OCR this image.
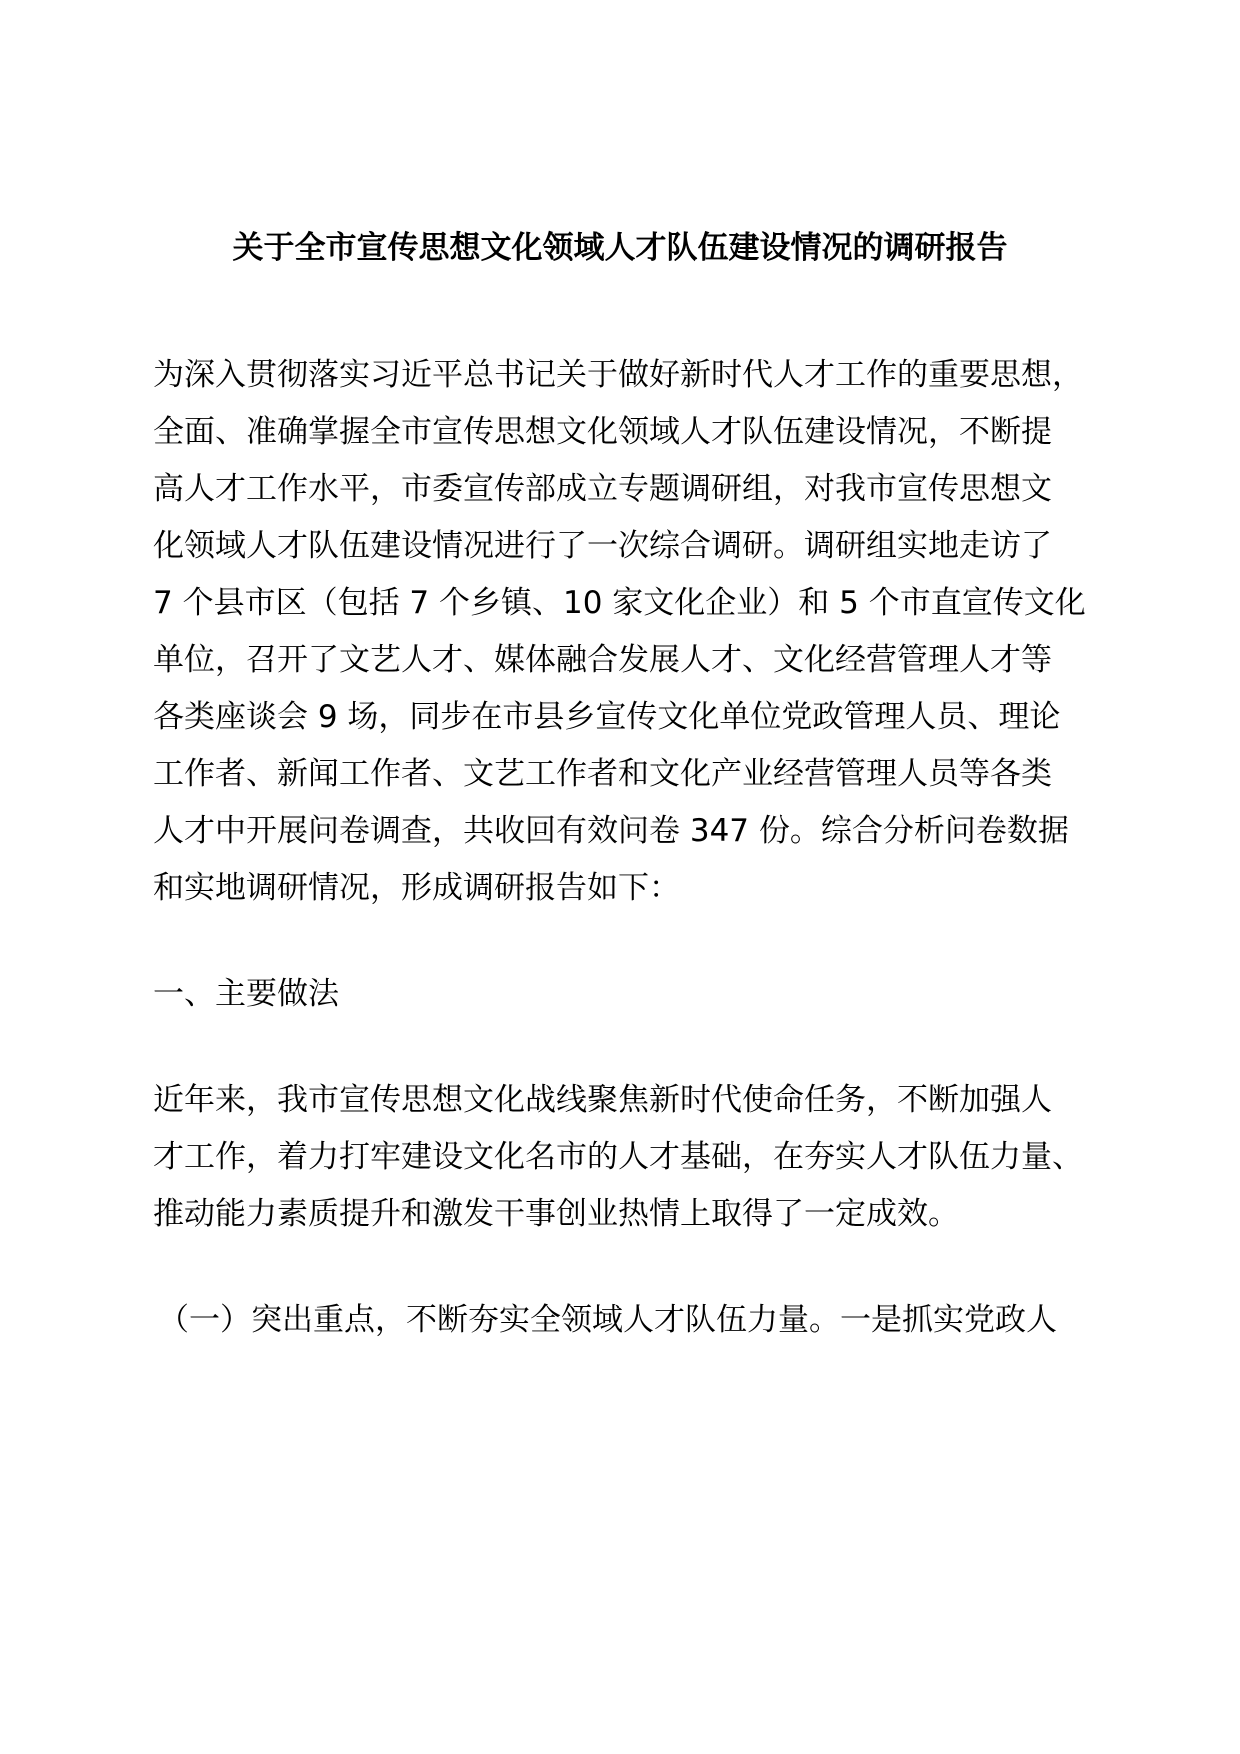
关于全市宣传思想文化领域人才队伍建设情况的调研报告

为深入贯彻落实习近平总书记关于做好新时代人才工作的重要思想，

全面、准确掌握全市宣传思想文化领域人才队伍建设情况，不断提

高人才工作水平，市委宣传部成立专题调研组，对我市宣传思想文

化领域人才队伍建设情况进行了一次综合调研。调研组实地走访了

7 个县市区（包括 7 个乡镇、10 家文化企业）和 5 个市直宣传文化

单位，召开了文艺人才、媒体融合发展人才、文化经营管理人才等

各类座谈会 9 场，同步在市县乡宣传文化单位党政管理人员、理论

工作者、新闻工作者、文艺工作者和文化产业经营管理人员等各类

人才中开展问卷调查，共收回有效问卷 347 份。综合分析问卷数据

和实地调研情况，形成调研报告如下：

一、主要做法

近年来，我市宣传思想文化战线聚焦新时代使命任务，不断加强人

才工作，着力打牢建设文化名市的人才基础，在夯实人才队伍力量、

推动能力素质提升和激发干事创业热情上取得了一定成效。

（一）突出重点，不断夯实全领域人才队伍力量。一是抓实党政人
